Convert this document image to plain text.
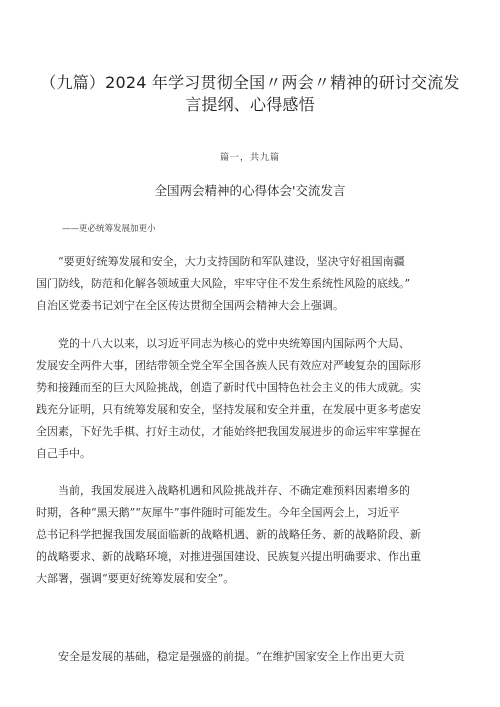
（九篇）2024 年学习贯彻全国〃两会〃精神的研讨交流发
言提纲、心得感悟
篇一，共九篇
全国两会精神的心得体会'交流发言
——更必统筹发展加更小
“要更好统筹发展和安全，大力支持国防和军队建设，坚决守好祖国南疆
国门防线，防范和化解各领域重大风险，牢牢守住不发生系统性风险的底线。”
自治区党委书记刘宁在全区传达贯彻全国两会精神大会上强调。
党的十八大以来，以习近平同志为核心的党中央统筹国内国际两个大局、
发展安全两件大事，团结带领全党全军全国各族人民有效应对严峻复杂的国际形
势和接踵而至的巨大风险挑战，创造了新时代中国特色社会主义的伟大成就。实
践充分证明，只有统筹发展和安全，坚持发展和安全并重，在发展中更多考虑安
全因素，下好先手棋、打好主动仗，才能始终把我国发展进步的命运牢牢掌握在
自己手中。
当前，我国发展进入战略机遇和风险挑战并存、不确定难预料因素增多的
时期，各种“黑天鹅”“灰犀牛”事件随时可能发生。今年全国两会上，习近平
总书记科学把握我国发展面临新的战略机遇、新的战略任务、新的战略阶段、新
的战略要求、新的战略环境，对推进强国建设、民族复兴提出明确要求、作出重
大部署，强调“要更好统筹发展和安全”。
安全是发展的基础，稳定是强盛的前提。“在维护国家安全上作出更大贡
